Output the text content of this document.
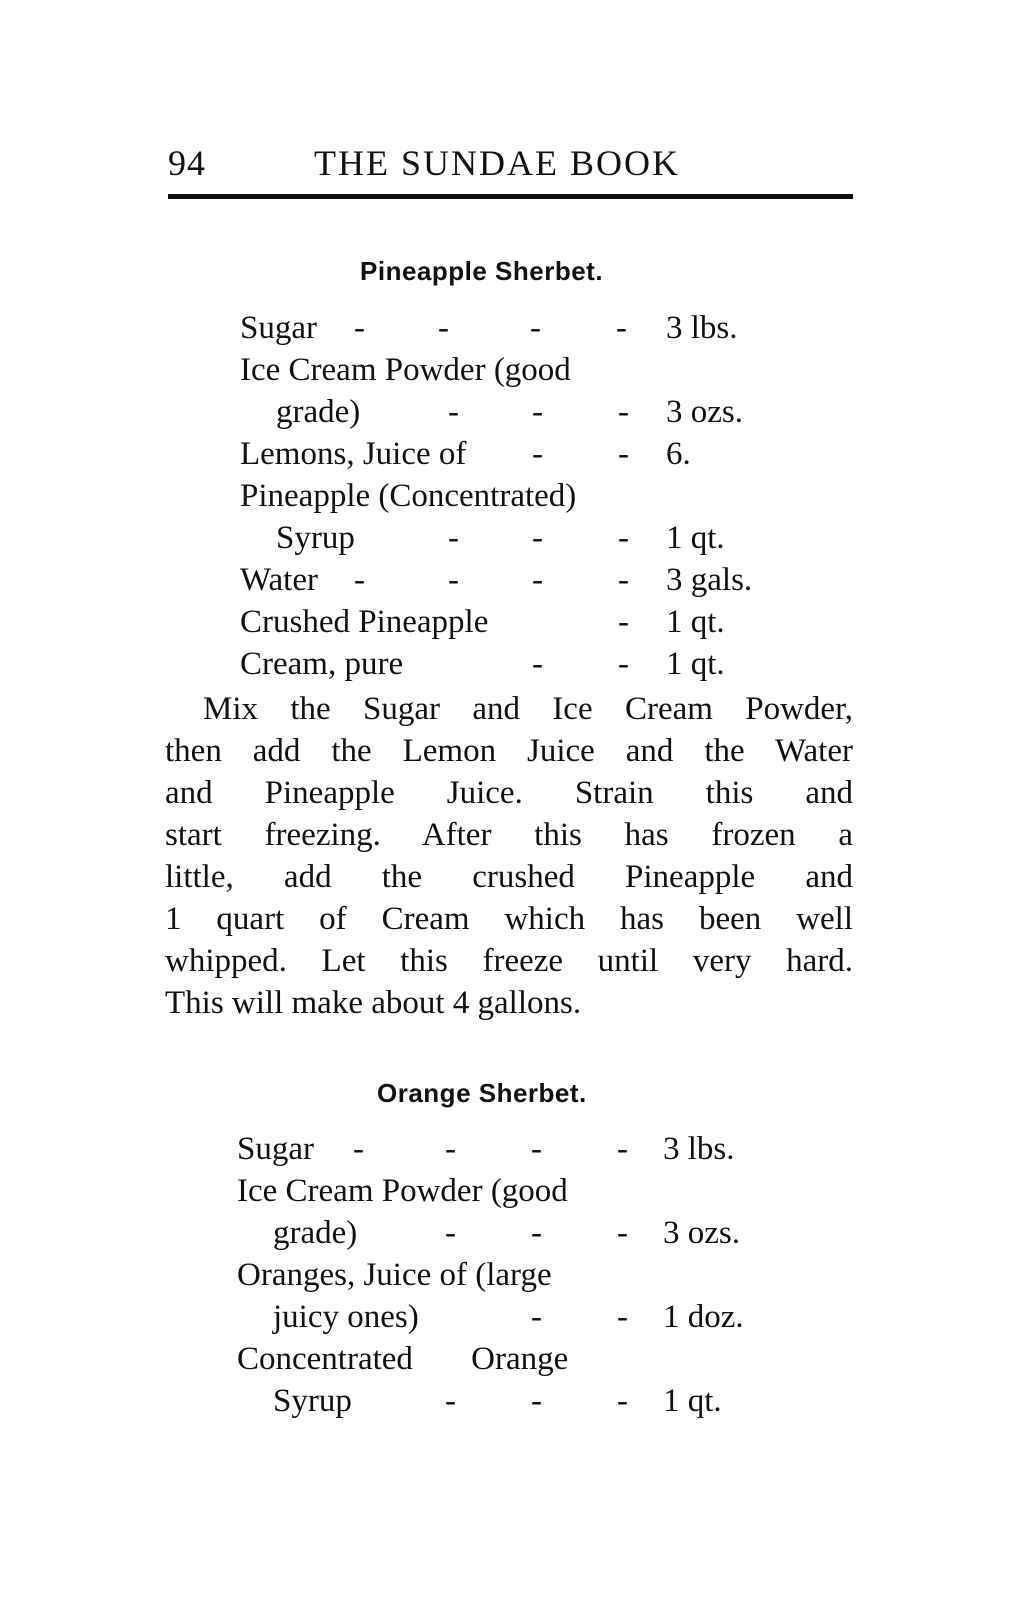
94	THE SUNDAE BOOK
Pineapple Sherbet.
Sugar - - - - 3 lbs.
Ice Cream Powder (good
grade)	- - - 3 ozs.
Lemons, Juice of - - 6.
Pineapple (Concentrated)
Syrup	- - - 1 qt.
Water -	- - - 3 gals.
Crushed Pineapple	- 1 qt.
Cream, pure	- - 1 qt.
Mix the Sugar and Ice Cream Powder,
then add the Lemon Juice and the Water
and Pineapple Juice. Strain this and
start freezing. After this has frozen a
little, add the crushed Pineapple and
1 quart of Cream which has been well
whipped. Let this freeze until very hard.
This will make about 4 gallons.
Orange Sherbet.
Sugar - - - - 3 lbs.
Ice Cream Powder (good
grade)	- - - 3 ozs.
Oranges, Juice of (large
juicy ones)	- - 1 doz.
Concentrated Orange
Syrup	- - - 1 qt.
